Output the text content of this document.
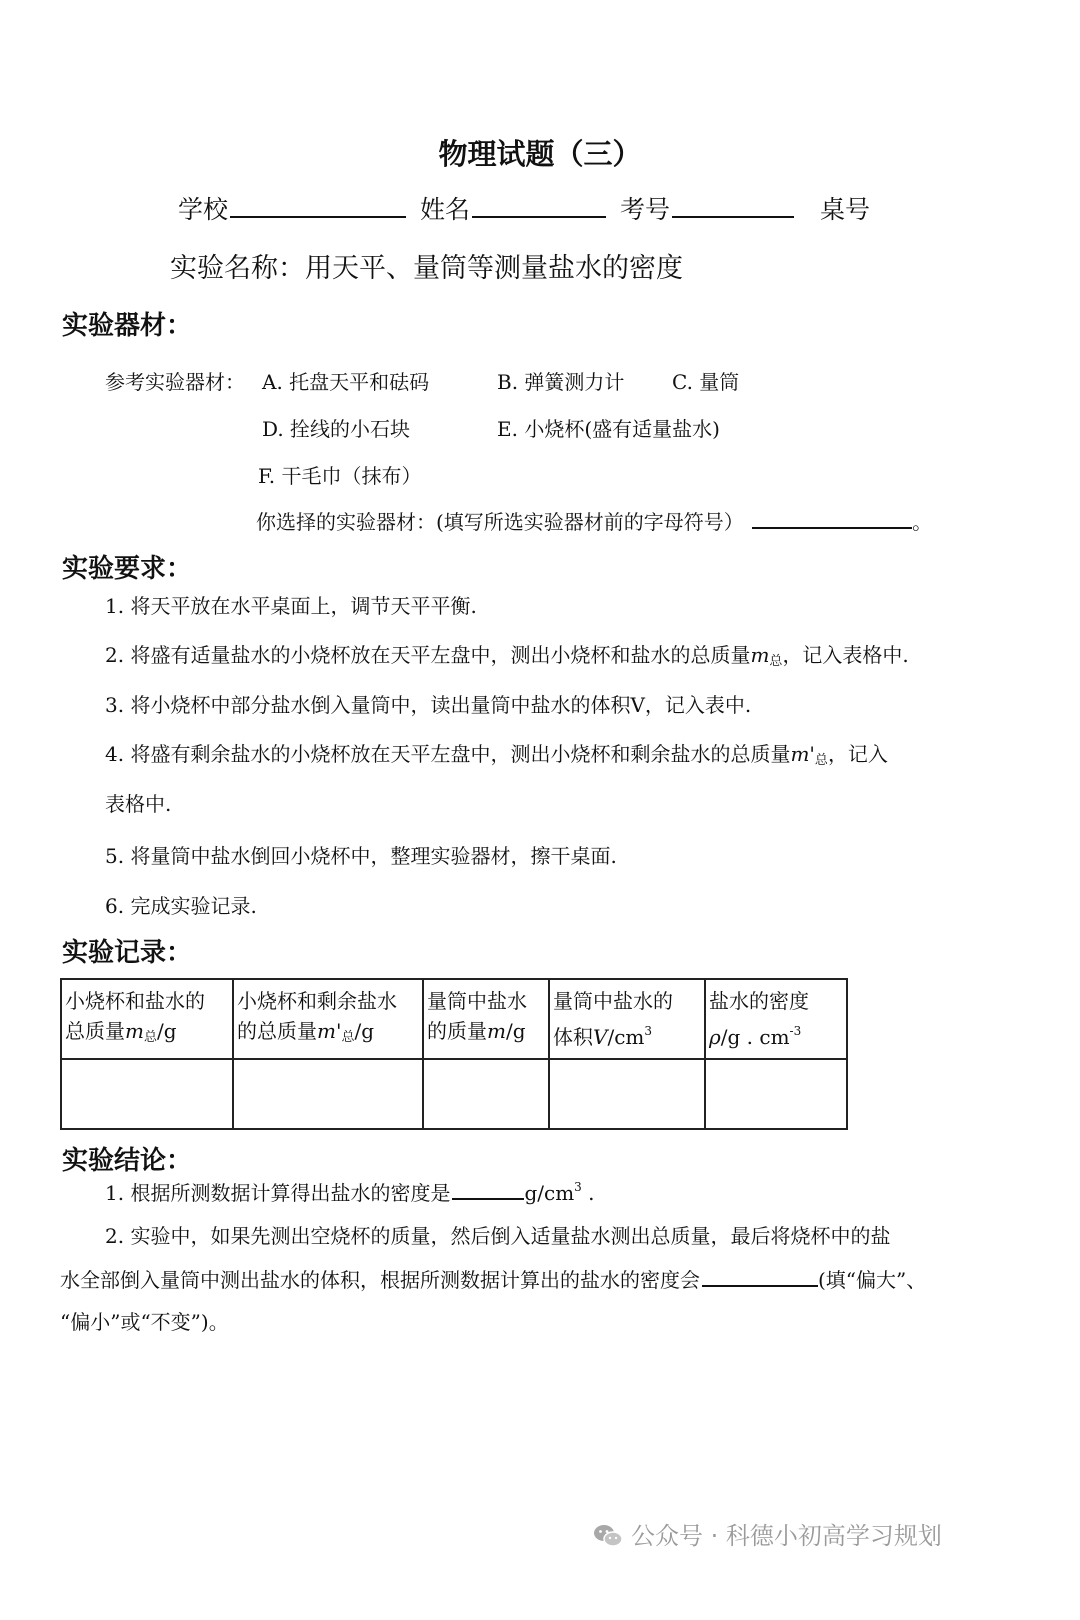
物理试题（三）
学校	姓名	考号	桌号
实验名称：用天平、量筒等测量盐水的密度
实验器材：
参考实验器材： A. 托盘天平和砝码	B. 弹簧测力计 C. 量筒
D. 拴线的小石块	E. 小烧杯(盛有适量盐水)
F. 干毛巾（抹布）
你选择的实验器材：(填写所选实验器材前的字母符号）	。
实验要求：
1. 将天平放在水平桌面上，调节天平平衡.
2. 将盛有适量盐水的小烧杯放在天平左盘中，测出小烧杯和盐水的总质量$m_总$，记入表格中.
3. 将小烧杯中部分盐水倒入量筒中，读出量筒中盐水的体积V，记入表中.
4. 将盛有剩余盐水的小烧杯放在天平左盘中，测出小烧杯和剩余盐水的总质量$m'_总$，记入
表格中.
5. 将量筒中盐水倒回小烧杯中，整理实验器材，擦干桌面.
6. 完成实验记录.
实验记录：
小烧杯和盐水的
总质量$m_总/g$	小烧杯和剩余盐水
的总质量$m'_总/g$	量筒中盐水
的质量m/g	量筒中盐水的
体积$V/cm^3$	盐水的密度
ρ/g . $cm^{-3}$

实验结论：
1. 根据所测数据计算得出盐水的密度是	$g/cm^3$ .
2. 实验中，如果先测出空烧杯的质量，然后倒入适量盐水测出总质量，最后将烧杯中的盐
水全部倒入量筒中测出盐水的体积，根据所测数据计算出的盐水的密度会	(填“偏大”、
“偏小”或“不变”)。
公众号 · 科德小初高学习规划
